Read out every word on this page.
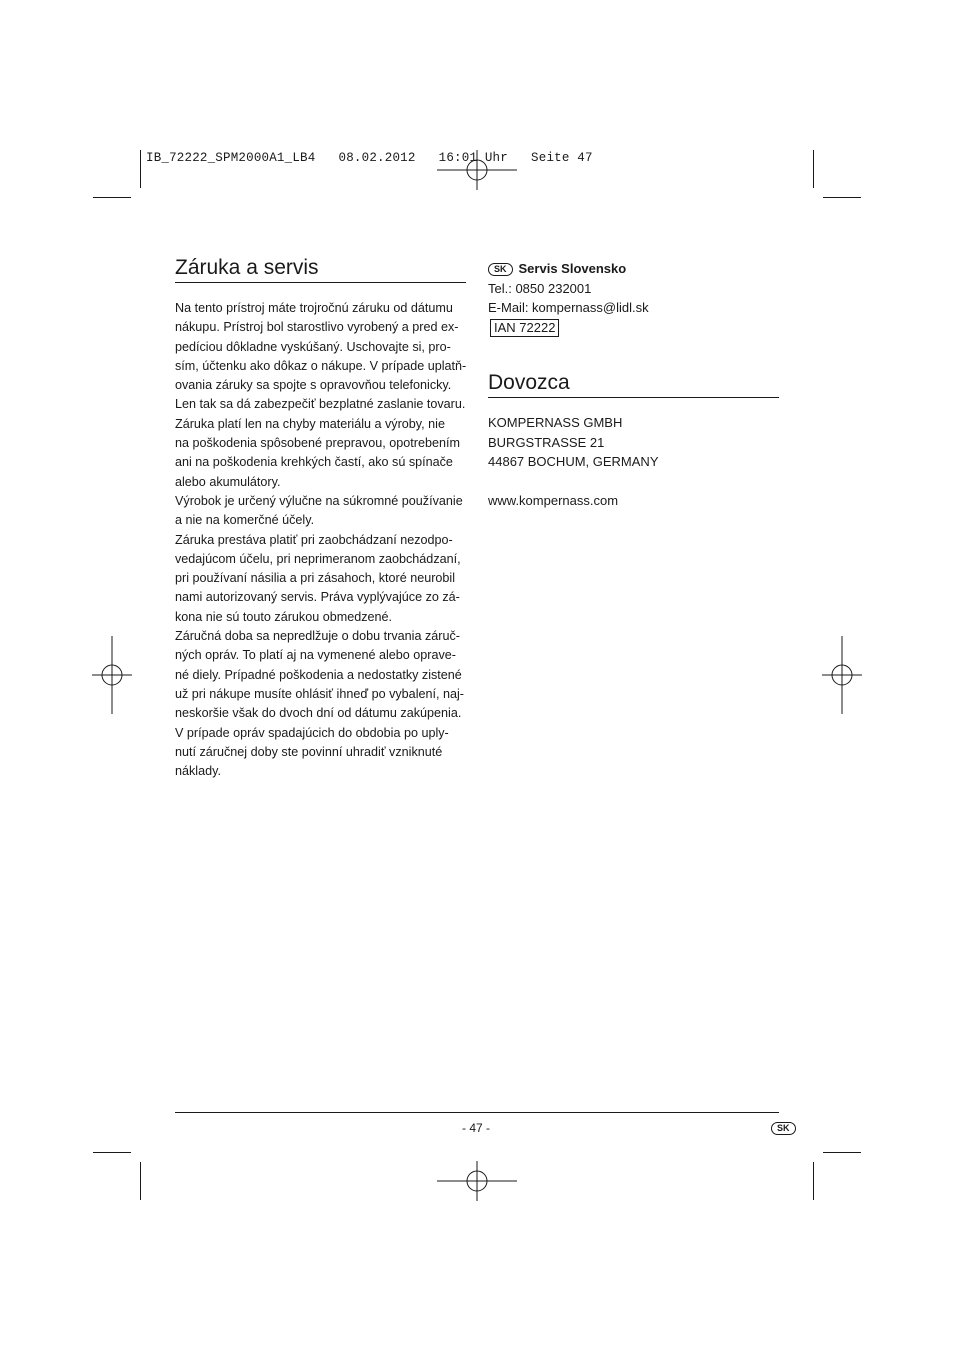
IB_72222_SPM2000A1_LB4   08.02.2012   16:01 Uhr   Seite 47
Záruka a servis
Na tento prístroj máte trojročnú záruku od dátumu
nákupu. Prístroj bol starostlivo vyrobený a pred ex-
pedíciou dôkladne vyskúšaný. Uschovajte si, pro-
sím, účtenku ako dôkaz o nákupe. V prípade uplatň-
ovania záruky sa spojte s opravovňou telefonicky.
Len tak sa dá zabezpečiť bezplatné zaslanie tovaru.
Záruka platí len na chyby materiálu a výroby, nie
na poškodenia spôsobené prepravou, opotrebením
ani na poškodenia krehkých častí, ako sú spínače
alebo akumulátory.
Výrobok je určený výlučne na súkromné používanie
a nie na komerčné účely.
Záruka prestáva platiť pri zaobchádzaní nezodpo-
vedajúcom účelu, pri neprimeranom zaobchádzaní,
pri používaní násilia a pri zásahoch, ktoré neurobil
nami autorizovaný servis. Práva vyplývajúce zo zá-
kona nie sú touto zárukou obmedzené.
Záručná doba sa nepredlžuje o dobu trvania záruč-
ných opráv. To platí aj na vymenené alebo oprave-
né diely. Prípadné poškodenia a nedostatky zistené
už pri nákupe musíte ohlásiť ihneď po vybalení, naj-
neskoršie však do dvoch dní od dátumu zakúpenia.
V prípade opráv spadajúcich do obdobia po uply-
nutí záručnej doby ste povinní uhradiť vzniknuté
náklady.
SK Servis Slovensko
Tel.: 0850 232001
E-Mail: kompernass@lidl.sk
IAN 72222
Dovozca
KOMPERNASS GMBH
BURGSTRASSE 21
44867 BOCHUM, GERMANY

www.kompernass.com
- 47 -	SK
